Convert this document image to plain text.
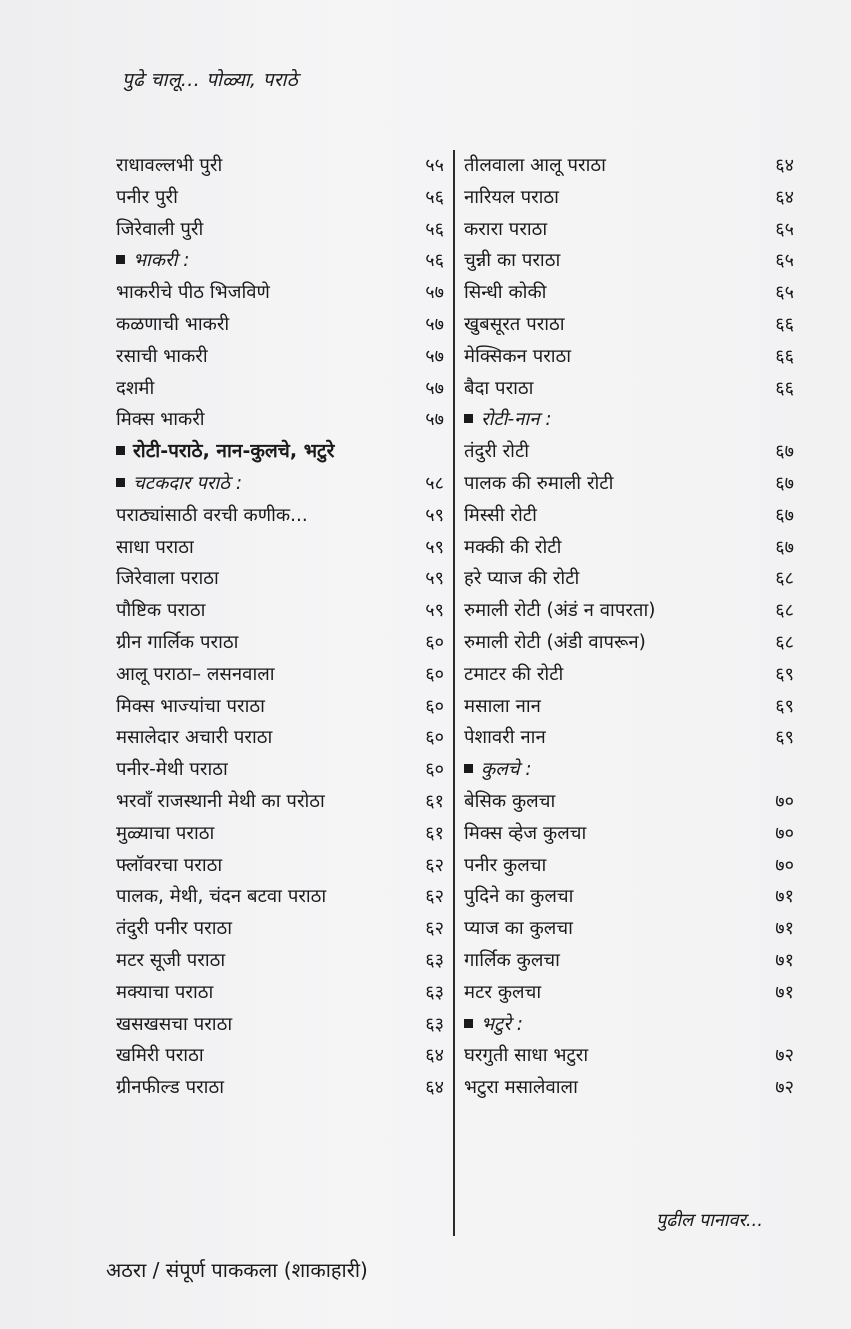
पुढे चालू... पोळ्या, पराठे
राधावल्लभी पुरी	५५
पनीर पुरी	५६
जिरेवाली पुरी	५६
भाकरी :	५६
भाकरीचे पीठ भिजविणे	५७
कळणाची भाकरी	५७
रसाची भाकरी	५७
दशमी	५७
मिक्स भाकरी	५७
रोटी-पराठे, नान-कुलचे, भटुरे
चटकदार पराठे :	५८
पराठ्यांसाठी वरची कणीक...	५९
साधा पराठा	५९
जिरेवाला पराठा	५९
पौष्टिक पराठा	५९
ग्रीन गार्लिक पराठा	६०
आलू पराठा– लसनवाला	६०
मिक्स भाज्यांचा पराठा	६०
मसालेदार अचारी पराठा	६०
पनीर-मेथी पराठा	६०
भरवाँ राजस्थानी मेथी का परोठा	६१
मुळ्याचा पराठा	६१
फ्लॉवरचा पराठा	६२
पालक, मेथी, चंदन बटवा पराठा	६२
तंदुरी पनीर पराठा	६२
मटर सूजी पराठा	६३
मक्याचा पराठा	६३
खसखसचा पराठा	६३
खमिरी पराठा	६४
ग्रीनफील्ड पराठा	६४
तीलवाला आलू पराठा	६४
नारियल पराठा	६४
करारा पराठा	६५
चुन्नी का पराठा	६५
सिन्धी कोकी	६५
खुबसूरत पराठा	६६
मेक्सिकन पराठा	६६
बैदा पराठा	६६
रोटी-नान :
तंदुरी रोटी	६७
पालक की रुमाली रोटी	६७
मिस्सी रोटी	६७
मक्की की रोटी	६७
हरे प्याज की रोटी	६८
रुमाली रोटी (अंडं न वापरता)	६८
रुमाली रोटी (अंडी वापरून)	६८
टमाटर की रोटी	६९
मसाला नान	६९
पेशावरी नान	६९
कुलचे :
बेसिक कुलचा	७०
मिक्स व्हेज कुलचा	७०
पनीर कुलचा	७०
पुदिने का कुलचा	७१
प्याज का कुलचा	७१
गार्लिक कुलचा	७१
मटर कुलचा	७१
भटुरे :
घरगुती साधा भटुरा	७२
भटुरा मसालेवाला	७२
पुढील पानावर...
अठरा / संपूर्ण पाककला (शाकाहारी)
